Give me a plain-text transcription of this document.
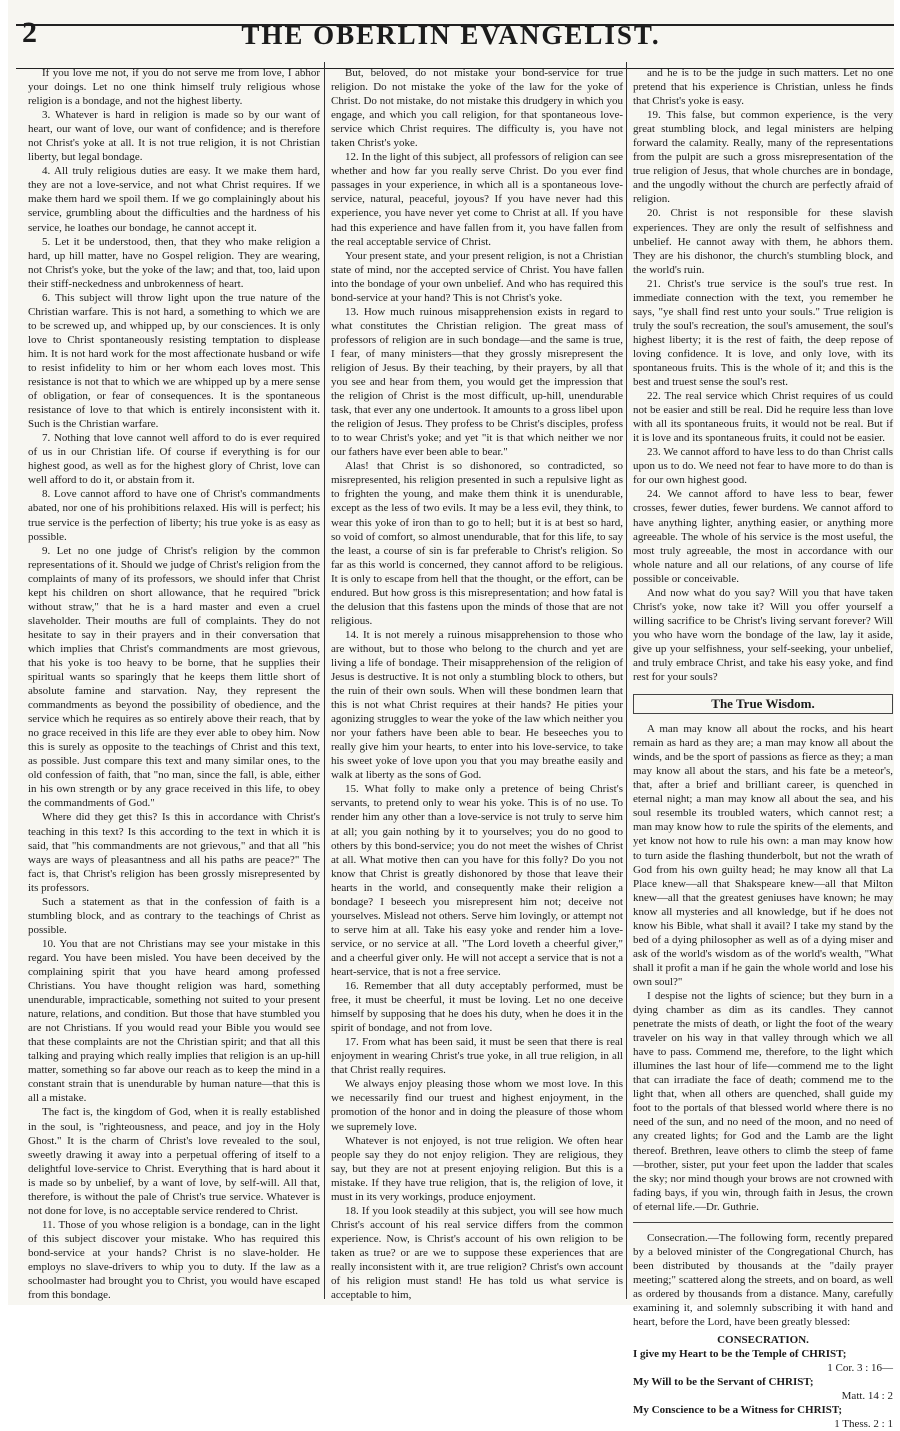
2	THE OBERLIN EVANGELIST.

If you love me not, if you do not serve me from love, I abhor your doings. Let no one think himself truly religious whose religion is a bondage, and not the highest liberty.

3. Whatever is hard in religion is made so by our want of heart, our want of love, our want of confidence; and is therefore not Christ's yoke at all. It is not true religion, it is not Christian liberty, but legal bondage.

4. All truly religious duties are easy. It we make them hard, they are not a love-service, and not what Christ requires. If we make them hard we spoil them. If we go complainingly about his service, grumbling about the difficulties and the hardness of his service, he loathes our bondage, he cannot accept it.

5. Let it be understood, then, that they who make religion a hard, up hill matter, have no Gospel religion. They are wearing, not Christ's yoke, but the yoke of the law; and that, too, laid upon their stiff-neckedness and unbrokenness of heart.

6. This subject will throw light upon the true nature of the Christian warfare. This is not hard, a something to which we are to be screwed up, and whipped up, by our consciences. It is only love to Christ spontaneously resisting temptation to displease him. It is not hard work for the most affectionate husband or wife to resist infidelity to him or her whom each loves most. This resistance is not that to which we are whipped up by a mere sense of obligation, or fear of consequences. It is the spontaneous resistance of love to that which is entirely inconsistent with it. Such is the Christian warfare.

7. Nothing that love cannot well afford to do is ever required of us in our Christian life. Of course if everything is for our highest good, as well as for the highest glory of Christ, love can well afford to do it, or abstain from it.

8. Love cannot afford to have one of Christ's commandments abated, nor one of his prohibitions relaxed. His will is perfect; his true service is the perfection of liberty; his true yoke is as easy as possible.

9. Let no one judge of Christ's religion by the common representations of it. Should we judge of Christ's religion from the complaints of many of its professors, we should infer that Christ kept his children on short allowance, that he required "brick without straw," that he is a hard master and even a cruel slaveholder. Their mouths are full of complaints. They do not hesitate to say in their prayers and in their conversation that which implies that Christ's commandments are most grievous, that his yoke is too heavy to be borne, that he supplies their spiritual wants so sparingly that he keeps them little short of absolute famine and starvation. Nay, they represent the commandments as beyond the possibility of obedience, and the service which he requires as so entirely above their reach, that by no grace received in this life are they ever able to obey him. Now this is surely as opposite to the teachings of Christ and this text, as possible. Just compare this text and many similar ones, to the old confession of faith, that "no man, since the fall, is able, either in his own strength or by any grace received in this life, to obey the commandments of God."

Where did they get this? Is this in accordance with Christ's teaching in this text? Is this according to the text in which it is said, that "his commandments are not grievous," and that all "his ways are ways of pleasantness and all his paths are peace?" The fact is, that Christ's religion has been grossly misrepresented by its professors.

Such a statement as that in the confession of faith is a stumbling block, and as contrary to the teachings of Christ as possible.

10. You that are not Christians may see your mistake in this regard. You have been misled. You have been deceived by the complaining spirit that you have heard among professed Christians. You have thought religion was hard, something unendurable, impracticable, something not suited to your present nature, relations, and condition. But those that have stumbled you are not Christians. If you would read your Bible you would see that these complaints are not the Christian spirit; and that all this talking and praying which really implies that religion is an up-hill matter, something so far above our reach as to keep the mind in a constant strain that is unendurable by human nature—that this is all a mistake.

The fact is, the kingdom of God, when it is really established in the soul, is "righteousness, and peace, and joy in the Holy Ghost." It is the charm of Christ's love revealed to the soul, sweetly drawing it away into a perpetual offering of itself to a delightful love-service to Christ. Everything that is hard about it is made so by unbelief, by a want of love, by self-will. All that, therefore, is without the pale of Christ's true service. Whatever is not done for love, is no acceptable service rendered to Christ.

11. Those of you whose religion is a bondage, can in the light of this subject discover your mistake. Who has required this bond-service at your hands? Christ is no slave-holder. He employs no slave-drivers to whip you to duty. If the law as a schoolmaster had brought you to Christ, you would have escaped from this bondage.

But, beloved, do not mistake your bond-service for true religion. Do not mistake the yoke of the law for the yoke of Christ. Do not mistake, do not mistake this drudgery in which you engage, and which you call religion, for that spontaneous love-service which Christ requires. The difficulty is, you have not taken Christ's yoke.

12. In the light of this subject, all professors of religion can see whether and how far you really serve Christ. Do you ever find passages in your experience, in which all is a spontaneous love-service, natural, peaceful, joyous? If you have never had this experience, you have never yet come to Christ at all. If you have had this experience and have fallen from it, you have fallen from the real acceptable service of Christ.

Your present state, and your present religion, is not a Christian state of mind, nor the accepted service of Christ. You have fallen into the bondage of your own unbelief. And who has required this bond-service at your hand? This is not Christ's yoke.

13. How much ruinous misapprehension exists in regard to what constitutes the Christian religion. The great mass of professors of religion are in such bondage—and the same is true, I fear, of many ministers—that they grossly misrepresent the religion of Jesus. By their teaching, by their prayers, by all that you see and hear from them, you would get the impression that the religion of Christ is the most difficult, up-hill, unendurable task, that ever any one undertook. It amounts to a gross libel upon the religion of Jesus. They profess to be Christ's disciples, profess to to wear Christ's yoke; and yet "it is that which neither we nor our fathers have ever been able to bear."

Alas! that Christ is so dishonored, so contradicted, so misrepresented, his religion presented in such a repulsive light as to frighten the young, and make them think it is unendurable, except as the less of two evils. It may be a less evil, they think, to wear this yoke of iron than to go to hell; but it is at best so hard, so void of comfort, so almost unendurable, that for this life, to say the least, a course of sin is far preferable to Christ's religion. So far as this world is concerned, they cannot afford to be religious. It is only to escape from hell that the thought, or the effort, can be endured. But how gross is this misrepresentation; and how fatal is the delusion that this fastens upon the minds of those that are not religious.

14. It is not merely a ruinous misapprehension to those who are without, but to those who belong to the church and yet are living a life of bondage. Their misapprehension of the religion of Jesus is destructive. It is not only a stumbling block to others, but the ruin of their own souls. When will these bondmen learn that this is not what Christ requires at their hands? He pities your agonizing struggles to wear the yoke of the law which neither you nor your fathers have been able to bear. He beseeches you to really give him your hearts, to enter into his love-service, to take his sweet yoke of love upon you that you may breathe easily and walk at liberty as the sons of God.

15. What folly to make only a pretence of being Christ's servants, to pretend only to wear his yoke. This is of no use. To render him any other than a love-service is not truly to serve him at all; you gain nothing by it to yourselves; you do no good to others by this bond-service; you do not meet the wishes of Christ at all. What motive then can you have for this folly? Do you not know that Christ is greatly dishonored by those that leave their hearts in the world, and consequently make their religion a bondage? I beseech you misrepresent him not; deceive not yourselves. Mislead not others. Serve him lovingly, or attempt not to serve him at all. Take his easy yoke and render him a love-service, or no service at all. "The Lord loveth a cheerful giver," and a cheerful giver only. He will not accept a service that is not a heart-service, that is not a free service.

16. Remember that all duty acceptably performed, must be free, it must be cheerful, it must be loving. Let no one deceive himself by supposing that he does his duty, when he does it in the spirit of bondage, and not from love.

17. From what has been said, it must be seen that there is real enjoyment in wearing Christ's true yoke, in all true religion, in all that Christ really requires.

We always enjoy pleasing those whom we most love. In this we necessarily find our truest and highest enjoyment, in the promotion of the honor and in doing the pleasure of those whom we supremely love.

Whatever is not enjoyed, is not true religion. We often hear people say they do not enjoy religion. They are religious, they say, but they are not at present enjoying religion. But this is a mistake. If they have true religion, that is, the religion of love, it must in its very workings, produce enjoyment.

18. If you look steadily at this subject, you will see how much Christ's account of his real service differs from the common experience. Now, is Christ's account of his own religion to be taken as true? or are we to suppose these experiences that are really inconsistent with it, are true religion? Christ's own account of his religion must stand! He has told us what service is acceptable to him,

and he is to be the judge in such matters. Let no one pretend that his experience is Christian, unless he finds that Christ's yoke is easy.

19. This false, but common experience, is the very great stumbling block, and legal ministers are helping forward the calamity. Really, many of the representations from the pulpit are such a gross misrepresentation of the true religion of Jesus, that whole churches are in bondage, and the ungodly without the church are perfectly afraid of religion.

20. Christ is not responsible for these slavish experiences. They are only the result of selfishness and unbelief. He cannot away with them, he abhors them. They are his dishonor, the church's stumbling block, and the world's ruin.

21. Christ's true service is the soul's true rest. In immediate connection with the text, you remember he says, "ye shall find rest unto your souls." True religion is truly the soul's recreation, the soul's amusement, the soul's highest liberty; it is the rest of faith, the deep repose of loving confidence. It is love, and only love, with its spontaneous fruits. This is the whole of it; and this is the best and truest sense the soul's rest.

22. The real service which Christ requires of us could not be easier and still be real. Did he require less than love with all its spontaneous fruits, it would not be real. But if it is love and its spontaneous fruits, it could not be easier.

23. We cannot afford to have less to do than Christ calls upon us to do. We need not fear to have more to do than is for our own highest good.

24. We cannot afford to have less to bear, fewer crosses, fewer duties, fewer burdens. We cannot afford to have anything lighter, anything easier, or anything more agreeable. The whole of his service is the most useful, the most truly agreeable, the most in accordance with our whole nature and all our relations, of any course of life possible or conceivable.

And now what do you say? Will you that have taken Christ's yoke, now take it? Will you offer yourself a willing sacrifice to be Christ's living servant forever? Will you who have worn the bondage of the law, lay it aside, give up your selfishness, your self-seeking, your unbelief, and truly embrace Christ, and take his easy yoke, and find rest for your souls?

The True Wisdom.

A man may know all about the rocks, and his heart remain as hard as they are; a man may know all about the winds, and be the sport of passions as fierce as they; a man may know all about the stars, and his fate be a meteor's, that, after a brief and brilliant career, is quenched in eternal night; a man may know all about the sea, and his soul resemble its troubled waters, which cannot rest; a man may know how to rule the spirits of the elements, and yet know not how to rule his own: a man may know how to turn aside the flashing thunderbolt, but not the wrath of God from his own guilty head; he may know all that La Place knew—all that Shakspeare knew—all that Milton knew—all that the greatest geniuses have known; he may know all mysteries and all knowledge, but if he does not know his Bible, what shall it avail? I take my stand by the bed of a dying philosopher as well as of a dying miser and ask of the world's wisdom as of the world's wealth, "What shall it profit a man if he gain the whole world and lose his own soul?"

I despise not the lights of science; but they burn in a dying chamber as dim as its candles. They cannot penetrate the mists of death, or light the foot of the weary traveler on his way in that valley through which we all have to pass. Commend me, therefore, to the light which illumines the last hour of life—commend me to the light that can irradiate the face of death; commend me to the light that, when all others are quenched, shall guide my foot to the portals of that blessed world where there is no need of the sun, and no need of the moon, and no need of any created lights; for God and the Lamb are the light thereof. Brethren, leave others to climb the steep of fame—brother, sister, put your feet upon the ladder that scales the sky; nor mind though your brows are not crowned with fading bays, if you win, through faith in Jesus, the crown of eternal life.—Dr. Guthrie.

Consecration.—The following form, recently prepared by a beloved minister of the Congregational Church, has been distributed by thousands at the "daily prayer meeting;" scattered along the streets, and on board, as well as ordered by thousands from a distance. Many, carefully examining it, and solemnly subscribing it with hand and heart, before the Lord, have been greatly blessed:

CONSECRATION.

I give my Heart to be the Temple of CHRIST;

1 Cor. 3 : 16—

My Will to be the Servant of CHRIST;

Matt. 14 : 2

My Conscience to be a Witness for CHRIST;

1 Thess. 2 : 1
